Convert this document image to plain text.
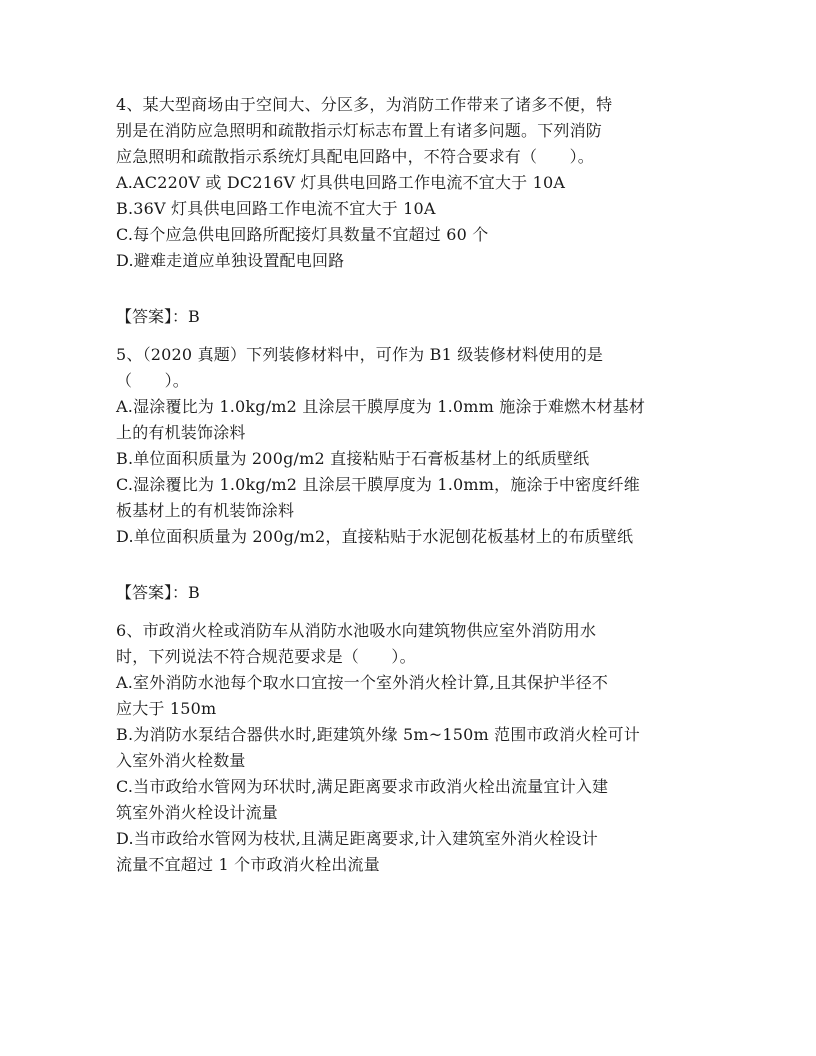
4、某大型商场由于空间大、分区多，为消防工作带来了诸多不便，特
别是在消防应急照明和疏散指示灯标志布置上有诸多问题。下列消防
应急照明和疏散指示系统灯具配电回路中，不符合要求有（　　）。
A.AC220V 或 DC216V 灯具供电回路工作电流不宜大于 10A
B.36V 灯具供电回路工作电流不宜大于 10A
C.每个应急供电回路所配接灯具数量不宜超过 60 个
D.避难走道应单独设置配电回路
【答案】：B
5、（2020 真题）下列装修材料中，可作为 B1 级装修材料使用的是
（　　）。
A.湿涂覆比为 1.0kg/m2 且涂层干膜厚度为 1.0mm 施涂于难燃木材基材
上的有机装饰涂料
B.单位面积质量为 200g/m2 直接粘贴于石膏板基材上的纸质壁纸
C.湿涂覆比为 1.0kg/m2 且涂层干膜厚度为 1.0mm，施涂于中密度纤维
板基材上的有机装饰涂料
D.单位面积质量为 200g/m2，直接粘贴于水泥刨花板基材上的布质壁纸
【答案】：B
6、市政消火栓或消防车从消防水池吸水向建筑物供应室外消防用水
时，下列说法不符合规范要求是（　　）。
A.室外消防水池每个取水口宜按一个室外消火栓计算,且其保护半径不
应大于 150m
B.为消防水泵结合器供水时,距建筑外缘 5m~150m 范围市政消火栓可计
入室外消火栓数量
C.当市政给水管网为环状时,满足距离要求市政消火栓出流量宜计入建
筑室外消火栓设计流量
D.当市政给水管网为枝状,且满足距离要求,计入建筑室外消火栓设计
流量不宜超过 1 个市政消火栓出流量
